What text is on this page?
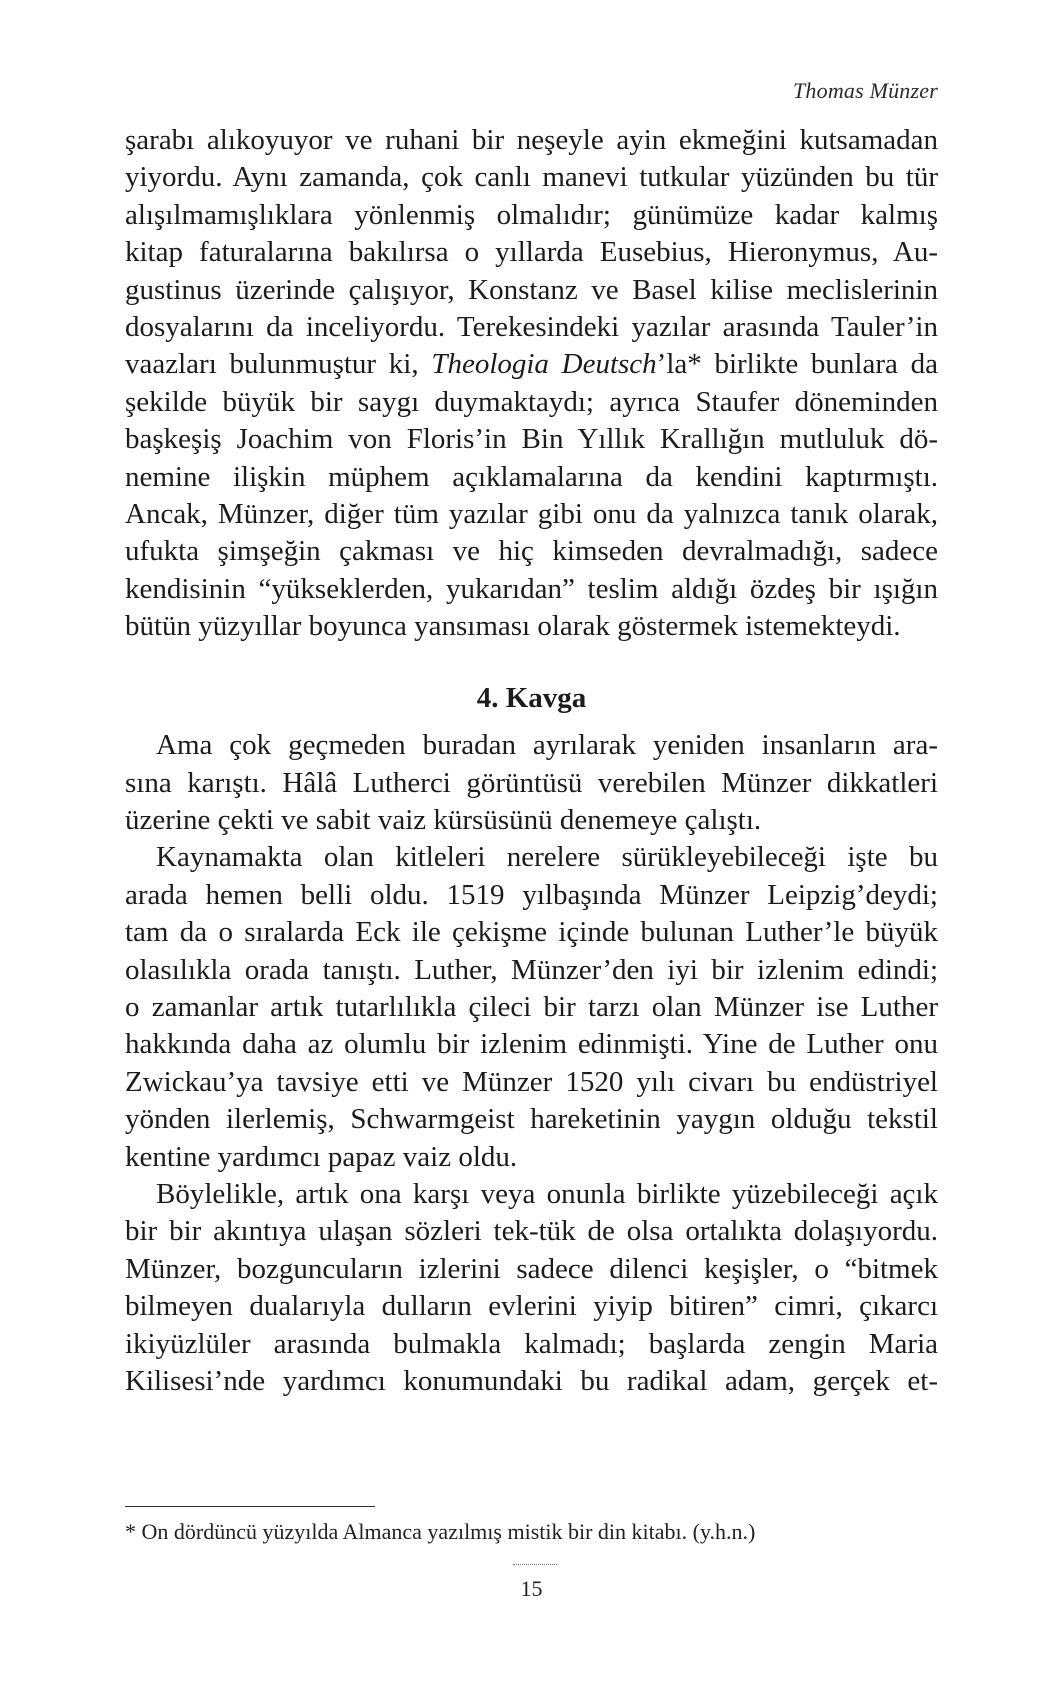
Thomas Münzer

şarabı alıkoyuyor ve ruhani bir neşeyle ayin ekmeğini kutsamadan
yiyordu. Aynı zamanda, çok canlı manevi tutkular yüzünden bu tür
alışılmamışlıklara yönlenmiş olmalıdır; günümüze kadar kalmış
kitap faturalarına bakılırsa o yıllarda Eusebius, Hieronymus, Au-
gustinus üzerinde çalışıyor, Konstanz ve Basel kilise meclislerinin
dosyalarını da inceliyordu. Terekesindeki yazılar arasında Tauler’in
vaazları bulunmuştur ki, Theologia Deutsch’la* birlikte bunlara da
şekilde büyük bir saygı duymaktaydı; ayrıca Staufer döneminden
başkeşiş Joachim von Floris’in Bin Yıllık Krallığın mutluluk dö-
nemine ilişkin müphem açıklamalarına da kendini kaptırmıştı.
Ancak, Münzer, diğer tüm yazılar gibi onu da yalnızca tanık olarak,
ufukta şimşeğin çakması ve hiç kimseden devralmadığı, sadece
kendisinin “yükseklerden, yukarıdan” teslim aldığı özdeş bir ışığın
bütün yüzyıllar boyunca yansıması olarak göstermek istemekteydi.

4. Kavga

Ama çok geçmeden buradan ayrılarak yeniden insanların ara-
sına karıştı. Hâlâ Lutherci görüntüsü verebilen Münzer dikkatleri
üzerine çekti ve sabit vaiz kürsüsünü denemeye çalıştı.

Kaynamakta olan kitleleri nerelere sürükleyebileceği işte bu
arada hemen belli oldu. 1519 yılbaşında Münzer Leipzig’deydi;
tam da o sıralarda Eck ile çekişme içinde bulunan Luther’le büyük
olasılıkla orada tanıştı. Luther, Münzer’den iyi bir izlenim edindi;
o zamanlar artık tutarlılıkla çileci bir tarzı olan Münzer ise Luther
hakkında daha az olumlu bir izlenim edinmişti. Yine de Luther onu
Zwickau’ya tavsiye etti ve Münzer 1520 yılı civarı bu endüstriyel
yönden ilerlemiş, Schwarmgeist hareketinin yaygın olduğu tekstil
kentine yardımcı papaz vaiz oldu.

Böylelikle, artık ona karşı veya onunla birlikte yüzebileceği açık
bir bir akıntıya ulaşan sözleri tek-tük de olsa ortalıkta dolaşıyordu.
Münzer, bozguncuların izlerini sadece dilenci keşişler, o “bitmek
bilmeyen dualarıyla dulların evlerini yiyip bitiren” cimri, çıkarcı
ikiyüzlüler arasında bulmakla kalmadı; başlarda zengin Maria
Kilisesi’nde yardımcı konumundaki bu radikal adam, gerçek et-

* On dördüncü yüzyılda Almanca yazılmış mistik bir din kitabı. (y.h.n.)
15
